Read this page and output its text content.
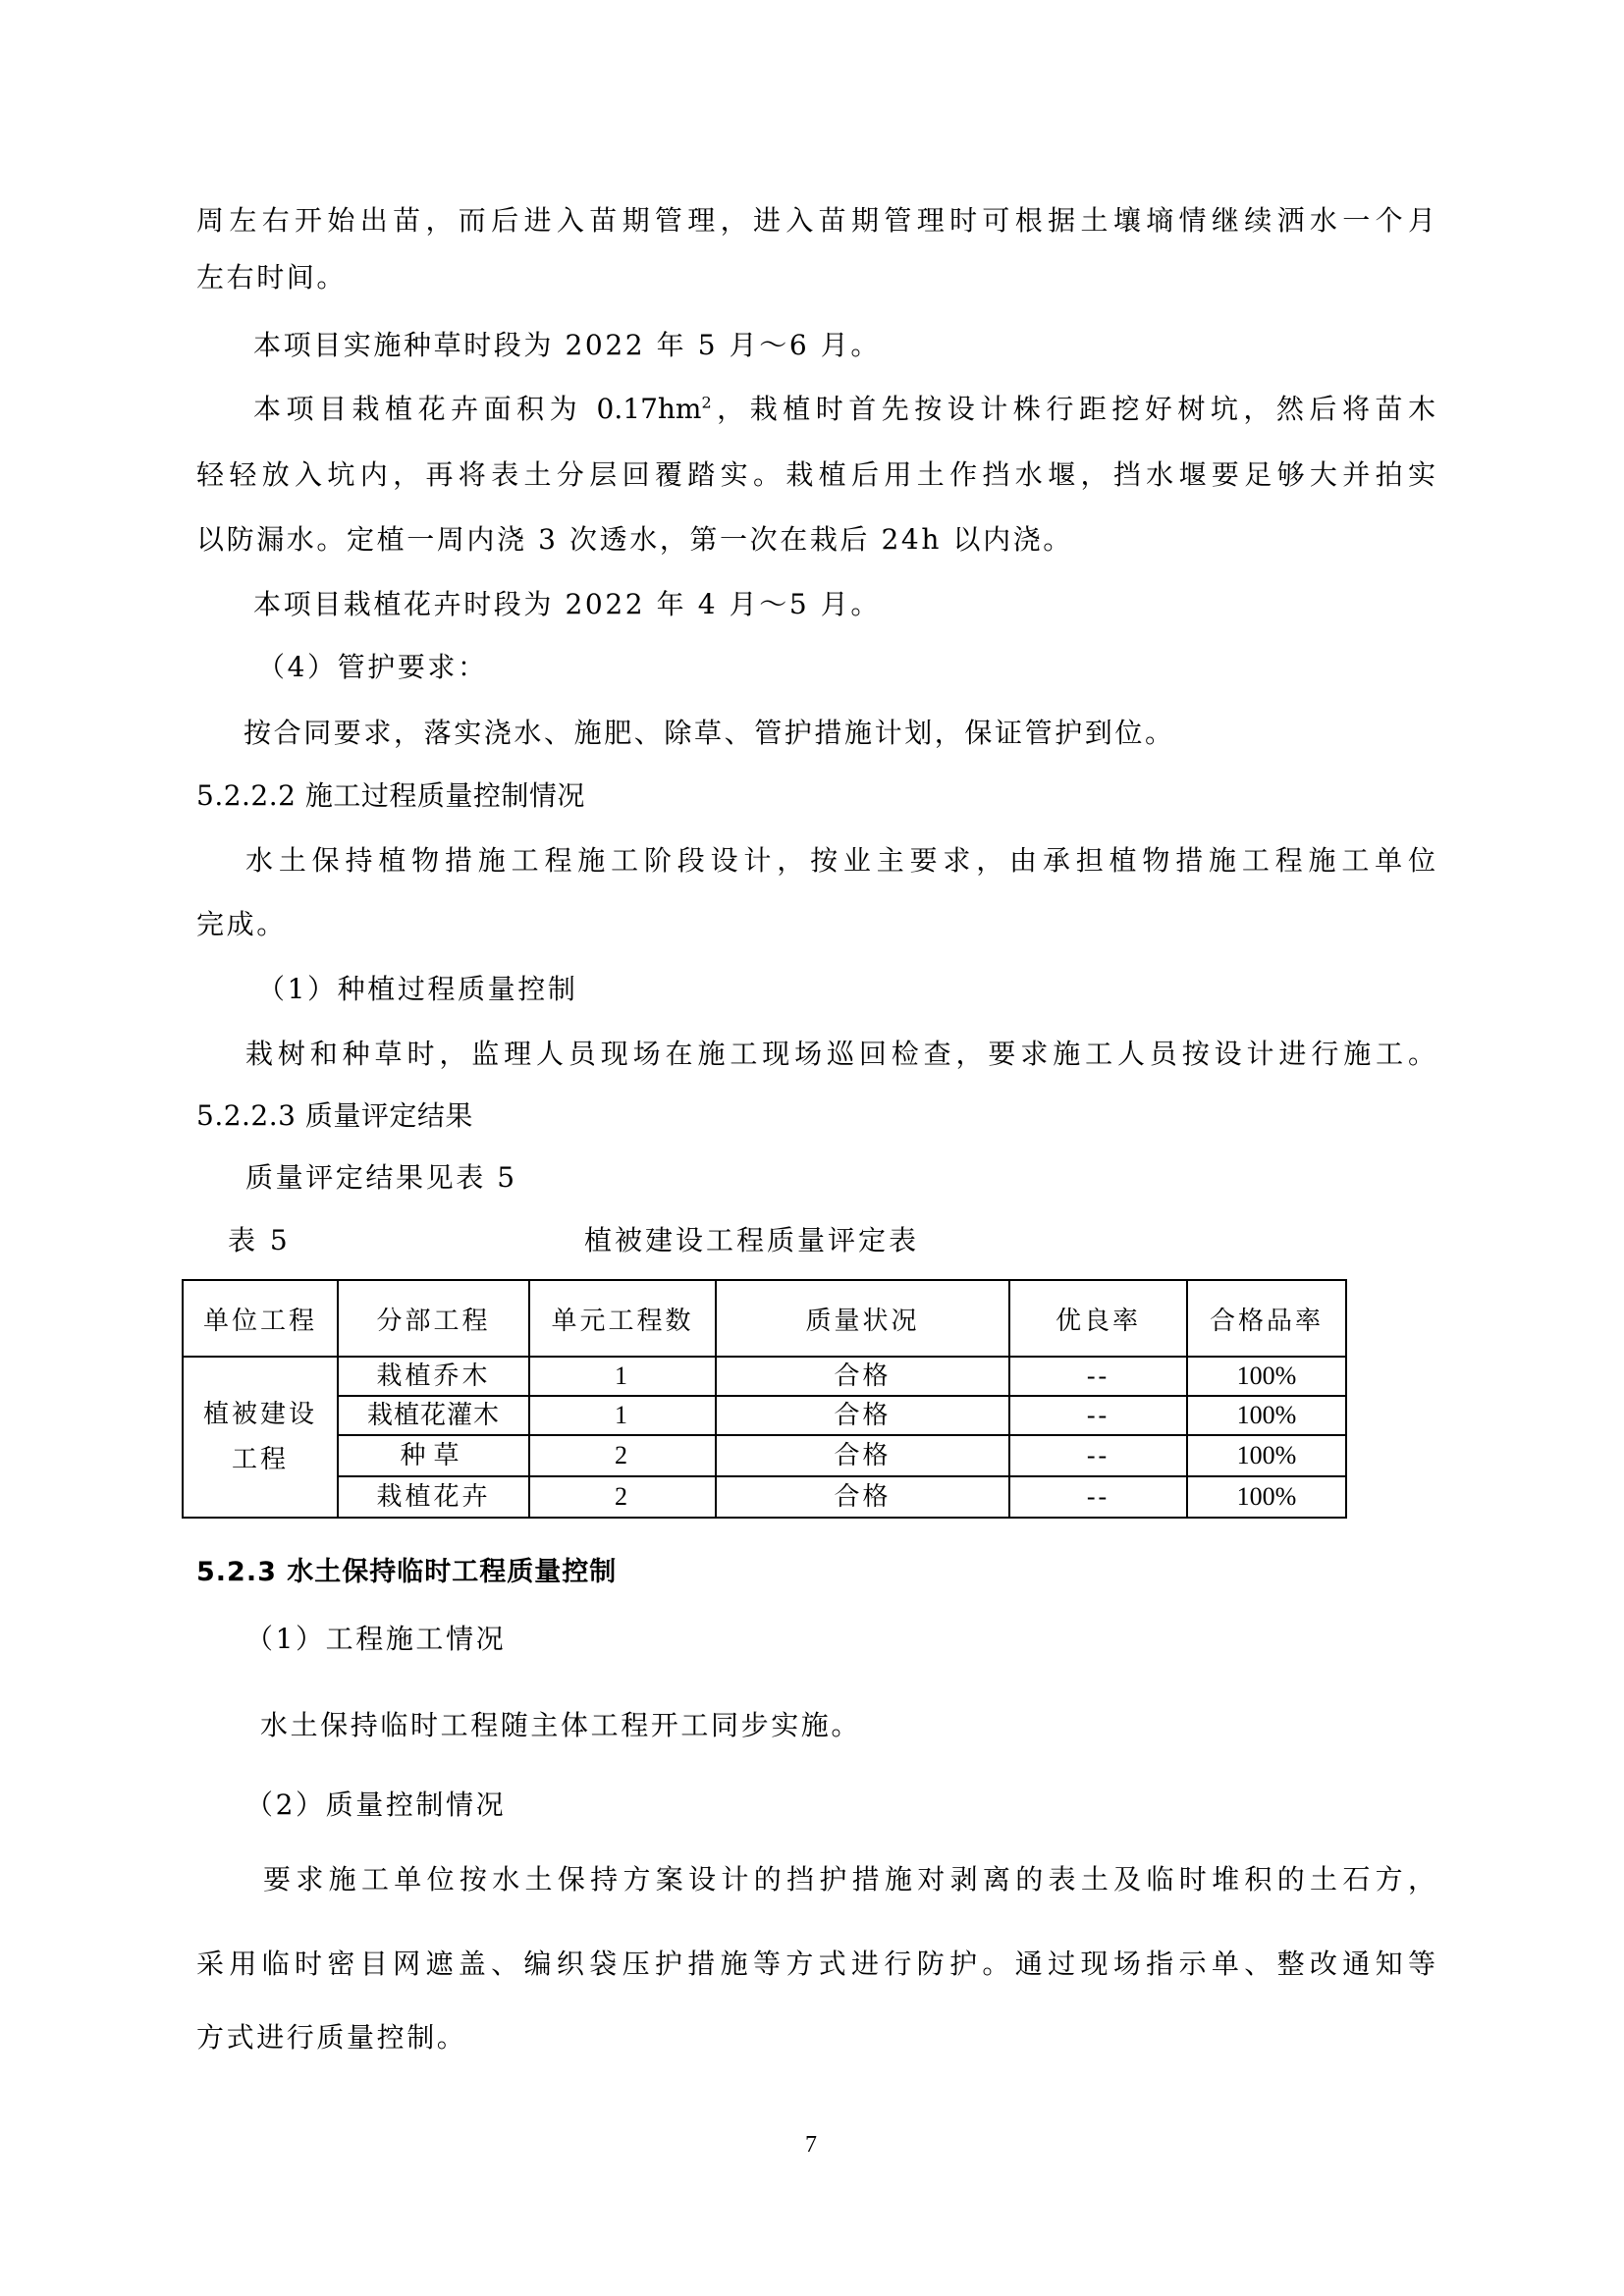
周左右开始出苗，而后进入苗期管理，进入苗期管理时可根据土壤墒情继续洒水一个月
左右时间。
本项目实施种草时段为 2022 年 5 月～6 月。
本项目栽植花卉面积为 $0.17hm^2$，栽植时首先按设计株行距挖好树坑，然后将苗木
轻轻放入坑内，再将表土分层回覆踏实。栽植后用土作挡水堰，挡水堰要足够大并拍实
以防漏水。定植一周内浇 3 次透水，第一次在栽后 24h 以内浇。
本项目栽植花卉时段为 2022 年 4 月～5 月。
（4）管护要求：
按合同要求，落实浇水、施肥、除草、管护措施计划，保证管护到位。
5.2.2.2 施工过程质量控制情况
水土保持植物措施工程施工阶段设计，按业主要求，由承担植物措施工程施工单位
完成。
（1）种植过程质量控制
栽树和种草时，监理人员现场在施工现场巡回检查，要求施工人员按设计进行施工。
5.2.2.3 质量评定结果
质量评定结果见表 5
表 5	植被建设工程质量评定表
单位工程	分部工程	单元工程数	质量状况	优良率	合格品率
植被建设工程	栽植乔木	1	合格	--	100%
	栽植花灌木	1	合格	--	100%
	种草	2	合格	--	100%
	栽植花卉	2	合格	--	100%
5.2.3 水土保持临时工程质量控制
（1）工程施工情况
水土保持临时工程随主体工程开工同步实施。
（2）质量控制情况
要求施工单位按水土保持方案设计的挡护措施对剥离的表土及临时堆积的土石方，
采用临时密目网遮盖、编织袋压护措施等方式进行防护。通过现场指示单、整改通知等
方式进行质量控制。
7
